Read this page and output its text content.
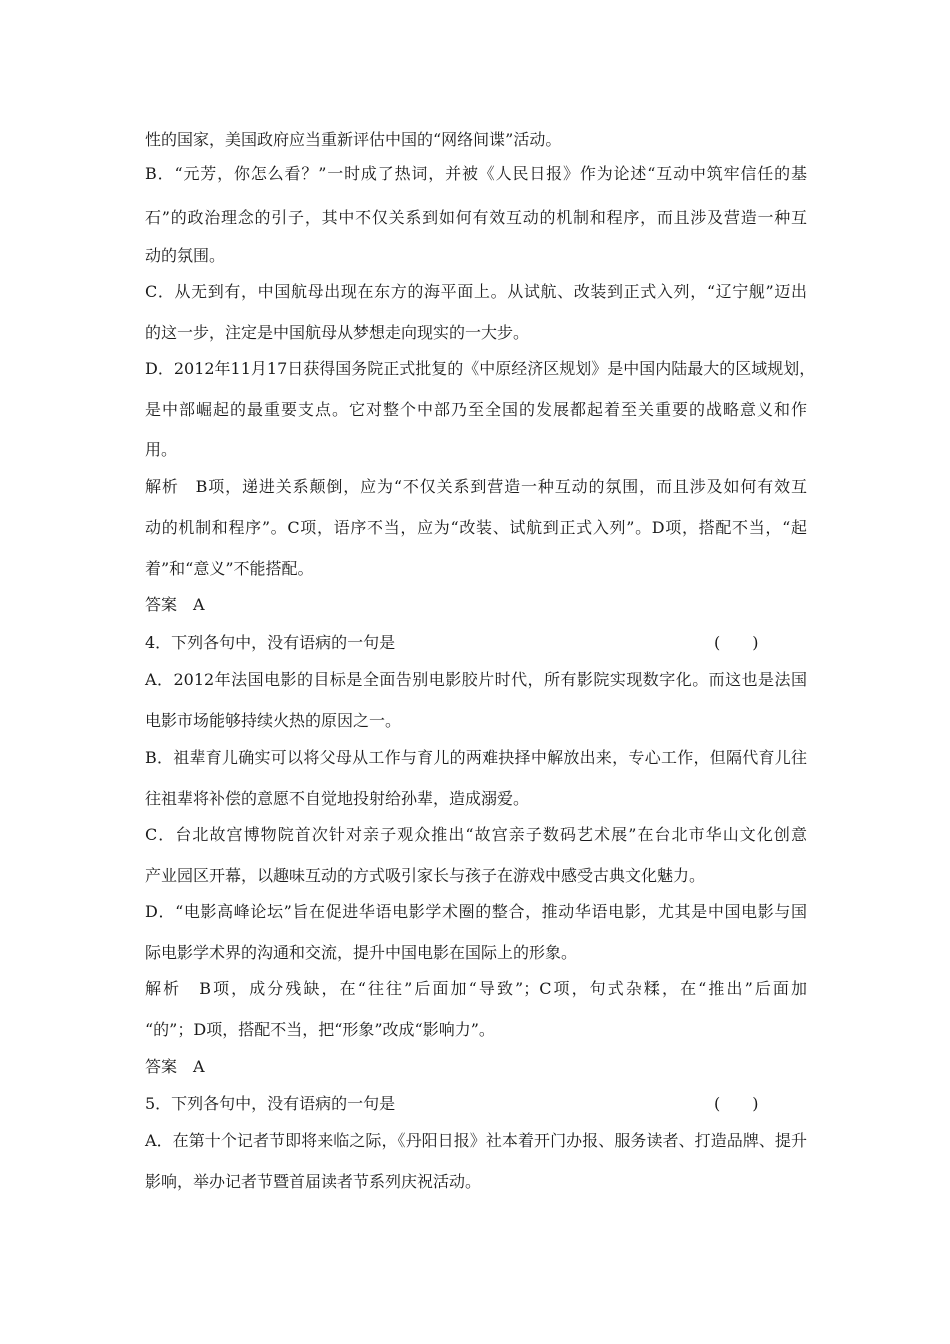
性的国家，美国政府应当重新评估中国的“网络间谍”活动。
B．“元芳，你怎么看？”一时成了热词，并被《人民日报》作为论述“互动中筑牢信任的基
石”的政治理念的引子，其中不仅关系到如何有效互动的机制和程序，而且涉及营造一种互
动的氛围。
C．从无到有，中国航母出现在东方的海平面上。从试航、改装到正式入列，“辽宁舰”迈出
的这一步，注定是中国航母从梦想走向现实的一大步。
D．2012年11月17日获得国务院正式批复的《中原经济区规划》是中国内陆最大的区域规划，
是中部崛起的最重要支点。它对整个中部乃至全国的发展都起着至关重要的战略意义和作
用。
解析　B项，递进关系颠倒，应为“不仅关系到营造一种互动的氛围，而且涉及如何有效互
动的机制和程序”。C项，语序不当，应为“改装、试航到正式入列”。D项，搭配不当，“起
着”和“意义”不能搭配。
答案　A
4．下列各句中，没有语病的一句是	(　　)
A．2012年法国电影的目标是全面告别电影胶片时代，所有影院实现数字化。而这也是法国
电影市场能够持续火热的原因之一。
B．祖辈育儿确实可以将父母从工作与育儿的两难抉择中解放出来，专心工作，但隔代育儿往
往祖辈将补偿的意愿不自觉地投射给孙辈，造成溺爱。
C．台北故宫博物院首次针对亲子观众推出“故宫亲子数码艺术展”在台北市华山文化创意
产业园区开幕，以趣味互动的方式吸引家长与孩子在游戏中感受古典文化魅力。
D．“电影高峰论坛”旨在促进华语电影学术圈的整合，推动华语电影，尤其是中国电影与国
际电影学术界的沟通和交流，提升中国电影在国际上的形象。
解析　B项，成分残缺，在“往往”后面加“导致”；C项，句式杂糅，在“推出”后面加
“的”；D项，搭配不当，把“形象”改成“影响力”。
答案　A
5．下列各句中，没有语病的一句是	(　　)
A．在第十个记者节即将来临之际，《丹阳日报》社本着开门办报、服务读者、打造品牌、提升
影响，举办记者节暨首届读者节系列庆祝活动。
